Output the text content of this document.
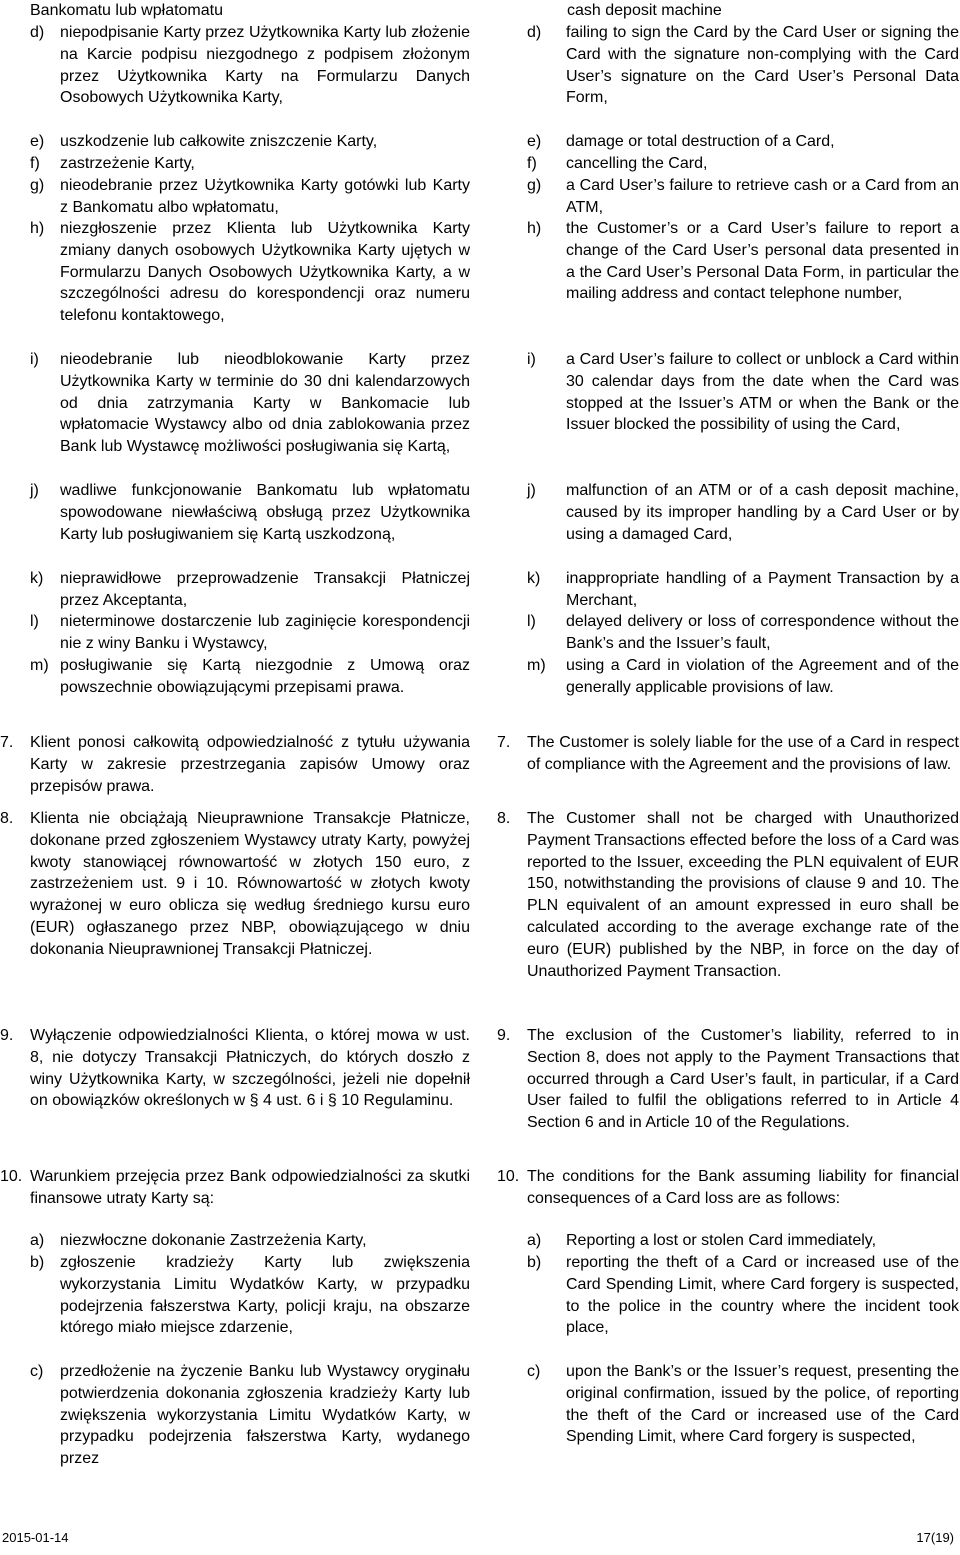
Bankomatu lub wpłatomatu

d) niepodpisanie Karty przez Użytkownika Karty lub złożenie na Karcie podpisu niezgodnego z podpisem złożonym przez Użytkownika Karty na Formularzu Danych Osobowych Użytkownika Karty,

e) uszkodzenie lub całkowite zniszczenie Karty,

f)	zastrzeżenie Karty,

g) nieodebranie przez Użytkownika Karty gotówki lub Karty z Bankomatu albo wpłatomatu,

h) niezgłoszenie przez Klienta lub Użytkownika Karty zmiany danych osobowych Użytkownika Karty ujętych w Formularzu Danych Osobowych Użytkownika Karty, a w szczególności adresu do korespondencji oraz numeru telefonu kontaktowego,

i)	nieodebranie lub nieodblokowanie Karty przez Użytkownika Karty w terminie do 30 dni kalendarzowych od dnia zatrzymania Karty w Bankomacie lub wpłatomacie Wystawcy albo od dnia zablokowania przez Bank lub Wystawcę możliwości posługiwania się Kartą,

j)	wadliwe funkcjonowanie Bankomatu lub wpłatomatu spowodowane niewłaściwą obsługą przez Użytkownika Karty lub posługiwaniem się Kartą uszkodzoną,

k)	nieprawidłowe przeprowadzenie Transakcji Płatniczej przez Akceptanta,

l)	nieterminowe dostarczenie lub zaginięcie korespondencji nie z winy Banku i Wystawcy,

m) posługiwanie się Kartą niezgodnie z Umową oraz powszechnie obowiązującymi przepisami prawa.

7.	Klient ponosi całkowitą odpowiedzialność z tytułu używania Karty w zakresie przestrzegania zapisów Umowy oraz przepisów prawa.

8.	Klienta nie obciążają Nieuprawnione Transakcje Płatnicze, dokonane przed zgłoszeniem Wystawcy utraty Karty, powyżej kwoty stanowiącej równowartość w złotych 150 euro, z zastrzeżeniem ust. 9 i 10. Równowartość w złotych kwoty wyrażonej w euro oblicza się według średniego kursu euro (EUR) ogłaszanego przez NBP, obowiązującego w dniu dokonania Nieuprawnionej Transakcji Płatniczej.

9.	Wyłączenie odpowiedzialności Klienta, o której mowa w ust. 8, nie dotyczy Transakcji Płatniczych, do których doszło z winy Użytkownika Karty, w szczególności, jeżeli nie dopełnił on obowiązków określonych w § 4 ust. 6 i § 10 Regulaminu.

10. Warunkiem przejęcia przez Bank odpowiedzialności za skutki finansowe utraty Karty są:

a) niezwłoczne dokonanie Zastrzeżenia Karty,

b) zgłoszenie kradzieży Karty lub zwiększenia wykorzystania Limitu Wydatków Karty, w przypadku podejrzenia fałszerstwa Karty, policji kraju, na obszarze którego miało miejsce zdarzenie,

c)	przedłożenie na życzenie Banku lub Wystawcy oryginału potwierdzenia dokonania zgłoszenia kradzieży Karty lub zwiększenia wykorzystania Limitu Wydatków Karty, w przypadku podejrzenia fałszerstwa Karty, wydanego przez

cash deposit machine

d)	failing to sign the Card by the Card User or signing the Card with the signature non-complying with the Card User’s signature on the Card User’s Personal Data Form,

e)	damage or total destruction of a Card,

f)	cancelling the Card,

g)	a Card User’s failure to retrieve cash or a Card from an ATM,

h)	the Customer’s or a Card User’s failure to report a change of the Card User’s personal data presented in a the Card User’s Personal Data Form, in particular the mailing address and contact telephone number,

i)	a Card User’s failure to collect or unblock a Card within 30 calendar days from the date when the Card was stopped at the Issuer’s ATM or when the Bank or the Issuer blocked the possibility of using the Card,

j)	malfunction of an ATM or of a cash deposit machine, caused by its improper handling by a Card User or by using a damaged Card,

k)	inappropriate handling of a Payment Transaction by a Merchant,

l)	delayed delivery or loss of correspondence without the Bank’s and the Issuer’s fault,

m)	using a Card in violation of the Agreement and of the generally applicable provisions of law.

7.	The Customer is solely liable for the use of a Card in respect of compliance with the Agreement and the provisions of law.

8.	The Customer shall not be charged with Unauthorized Payment Transactions effected before the loss of a Card was reported to the Issuer, exceeding the PLN equivalent of EUR 150, notwithstanding the provisions of clause 9 and 10. The PLN equivalent of an amount expressed in euro shall be calculated according to the average exchange rate of the euro (EUR) published by the NBP, in force on the day of Unauthorized Payment Transaction.

9.	The exclusion of the Customer’s liability, referred to in Section 8, does not apply to the Payment Transactions that occurred through a Card User’s fault, in particular, if a Card User failed to fulfil the obligations referred to in Article 4 Section 6 and in Article 10 of the Regulations.

10. The conditions for the Bank assuming liability for financial consequences of a Card loss are as follows:

a)	Reporting a lost or stolen Card immediately,

b)	reporting the theft of a Card or increased use of the Card Spending Limit, where Card forgery is suspected, to the police in the country where the incident took place,

c)	upon the Bank’s or the Issuer’s request, presenting the original confirmation, issued by the police, of reporting the theft of the Card or increased use of the Card Spending Limit, where Card forgery is suspected,

2015-01-14	17(19)
